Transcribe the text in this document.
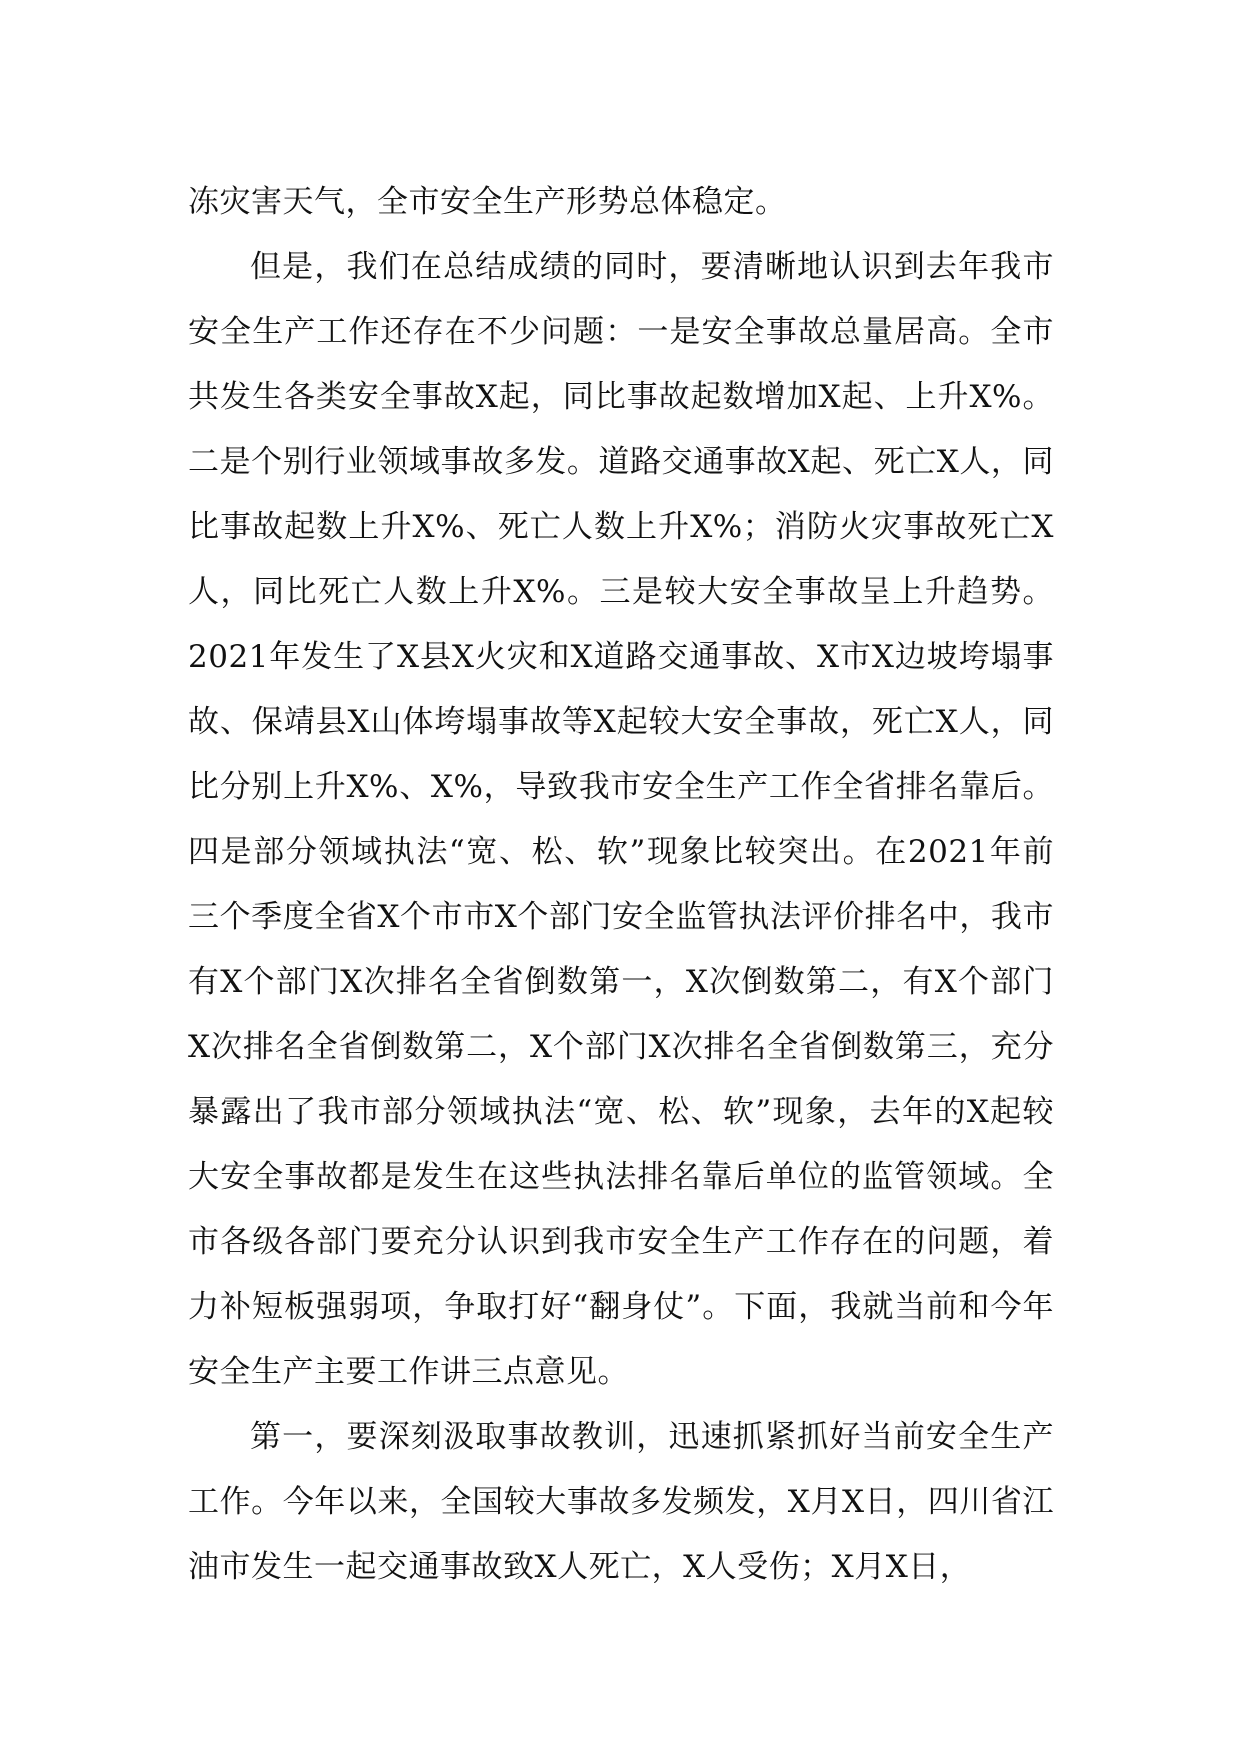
冻灾害天气，全市安全生产形势总体稳定。

但是，我们在总结成绩的同时，要清晰地认识到去年我市安全生产工作还存在不少问题：一是安全事故总量居高。全市共发生各类安全事故X起，同比事故起数增加X起、上升X%。二是个别行业领域事故多发。道路交通事故X起、死亡X人，同比事故起数上升X%、死亡人数上升X%；消防火灾事故死亡X人，同比死亡人数上升X%。三是较大安全事故呈上升趋势。2021年发生了X县X火灾和X道路交通事故、X市X边坡垮塌事故、保靖县X山体垮塌事故等X起较大安全事故，死亡X人，同比分别上升X%、X%，导致我市安全生产工作全省排名靠后。四是部分领域执法“宽、松、软”现象比较突出。在2021年前三个季度全省X个市市X个部门安全监管执法评价排名中，我市有X个部门X次排名全省倒数第一，X次倒数第二，有X个部门X次排名全省倒数第二，X个部门X次排名全省倒数第三，充分暴露出了我市部分领域执法“宽、松、软”现象，去年的X起较大安全事故都是发生在这些执法排名靠后单位的监管领域。全市各级各部门要充分认识到我市安全生产工作存在的问题，着力补短板强弱项，争取打好“翻身仗”。下面，我就当前和今年安全生产主要工作讲三点意见。

第一，要深刻汲取事故教训，迅速抓紧抓好当前安全生产工作。今年以来，全国较大事故多发频发，X月X日，四川省江油市发生一起交通事故致X人死亡，X人受伤；X月X日，
